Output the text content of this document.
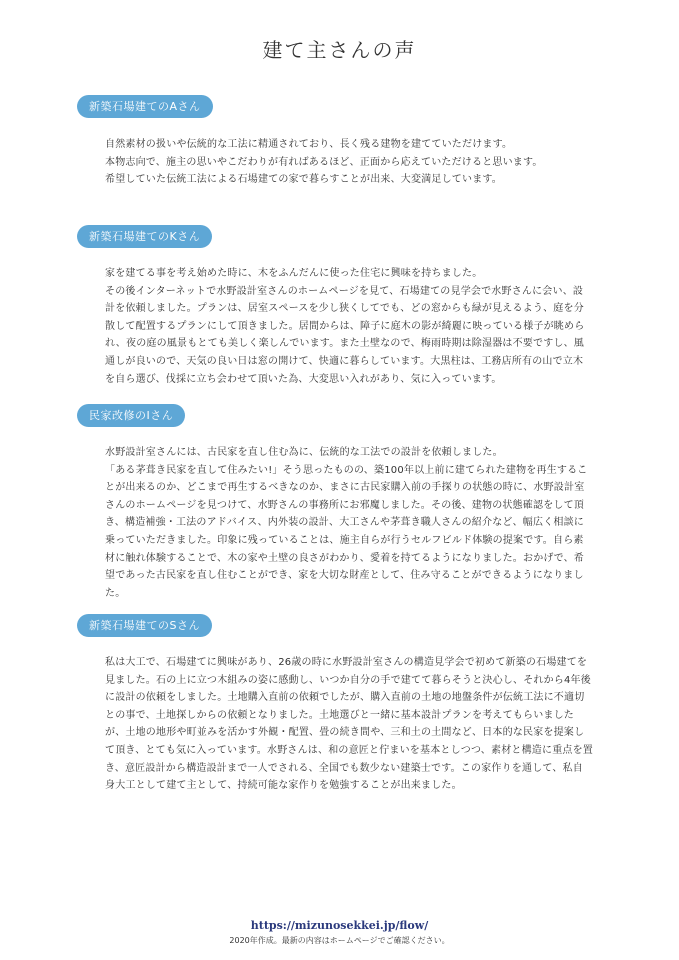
建て主さんの声
新築石場建てのAさん

自然素材の扱いや伝統的な工法に精通されており、長く残る建物を建てていただけます。

本物志向で、施主の思いやこだわりが有ればあるほど、正面から応えていただけると思います。

希望していた伝統工法による石場建ての家で暮らすことが出来、大変満足しています。

新築石場建てのKさん

家を建てる事を考え始めた時に、木をふんだんに使った住宅に興味を持ちました。

その後インターネットで水野設計室さんのホームページを見て、石場建ての見学会で水野さんに会い、設計を依頼しました。プランは、居室スペースを少し狭くしてでも、どの窓からも緑が見えるよう、庭を分散して配置するプランにして頂きました。居間からは、障子に庭木の影が綺麗に映っている様子が眺められ、夜の庭の風景もとても美しく楽しんでいます。また土壁なので、梅雨時期は除湿器は不要ですし、風通しが良いので、天気の良い日は窓の開けて、快適に暮らしています。大黒柱は、工務店所有の山で立木を自ら選び、伐採に立ち会わせて頂いた為、大変思い入れがあり、気に入っています。

民家改修のIさん

水野設計室さんには、古民家を直し住む為に、伝統的な工法での設計を依頼しました。

「ある茅葺き民家を直して住みたい!」そう思ったものの、築100年以上前に建てられた建物を再生することが出来るのか、どこまで再生するべきなのか、まさに古民家購入前の手探りの状態の時に、水野設計室さんのホームページを見つけて、水野さんの事務所にお邪魔しました。その後、建物の状態確認をして頂き、構造補強・工法のアドバイス、内外装の設計、大工さんや茅葺き職人さんの紹介など、幅広く相談に乗っていただきました。印象に残っていることは、施主自らが行うセルフビルド体験の提案です。自ら素材に触れ体験することで、木の家や土壁の良さがわかり、愛着を持てるようになりました。おかげで、希望であった古民家を直し住むことができ、家を大切な財産として、住み守ることができるようになりました。

新築石場建てのSさん

私は大工で、石場建てに興味があり、26歳の時に水野設計室さんの構造見学会で初めて新築の石場建てを見ました。石の上に立つ木組みの姿に感動し、いつか自分の手で建てて暮らそうと決心し、それから4年後に設計の依頼をしました。土地購入直前の依頼でしたが、購入直前の土地の地盤条件が伝統工法に不適切との事で、土地探しからの依頼となりました。土地選びと一緒に基本設計プランを考えてもらいましたが、土地の地形や町並みを活かす外観・配置、畳の続き間や、三和土の土間など、日本的な民家を提案して頂き、とても気に入っています。水野さんは、和の意匠と佇まいを基本としつつ、素材と構造に重点を置き、意匠設計から構造設計まで一人でされる、全国でも数少ない建築士です。この家作りを通して、私自身大工として建て主として、持続可能な家作りを勉強することが出来ました。

https://mizunosekkei.jp/flow/
2020年作成。最新の内容はホームページでご確認ください。
